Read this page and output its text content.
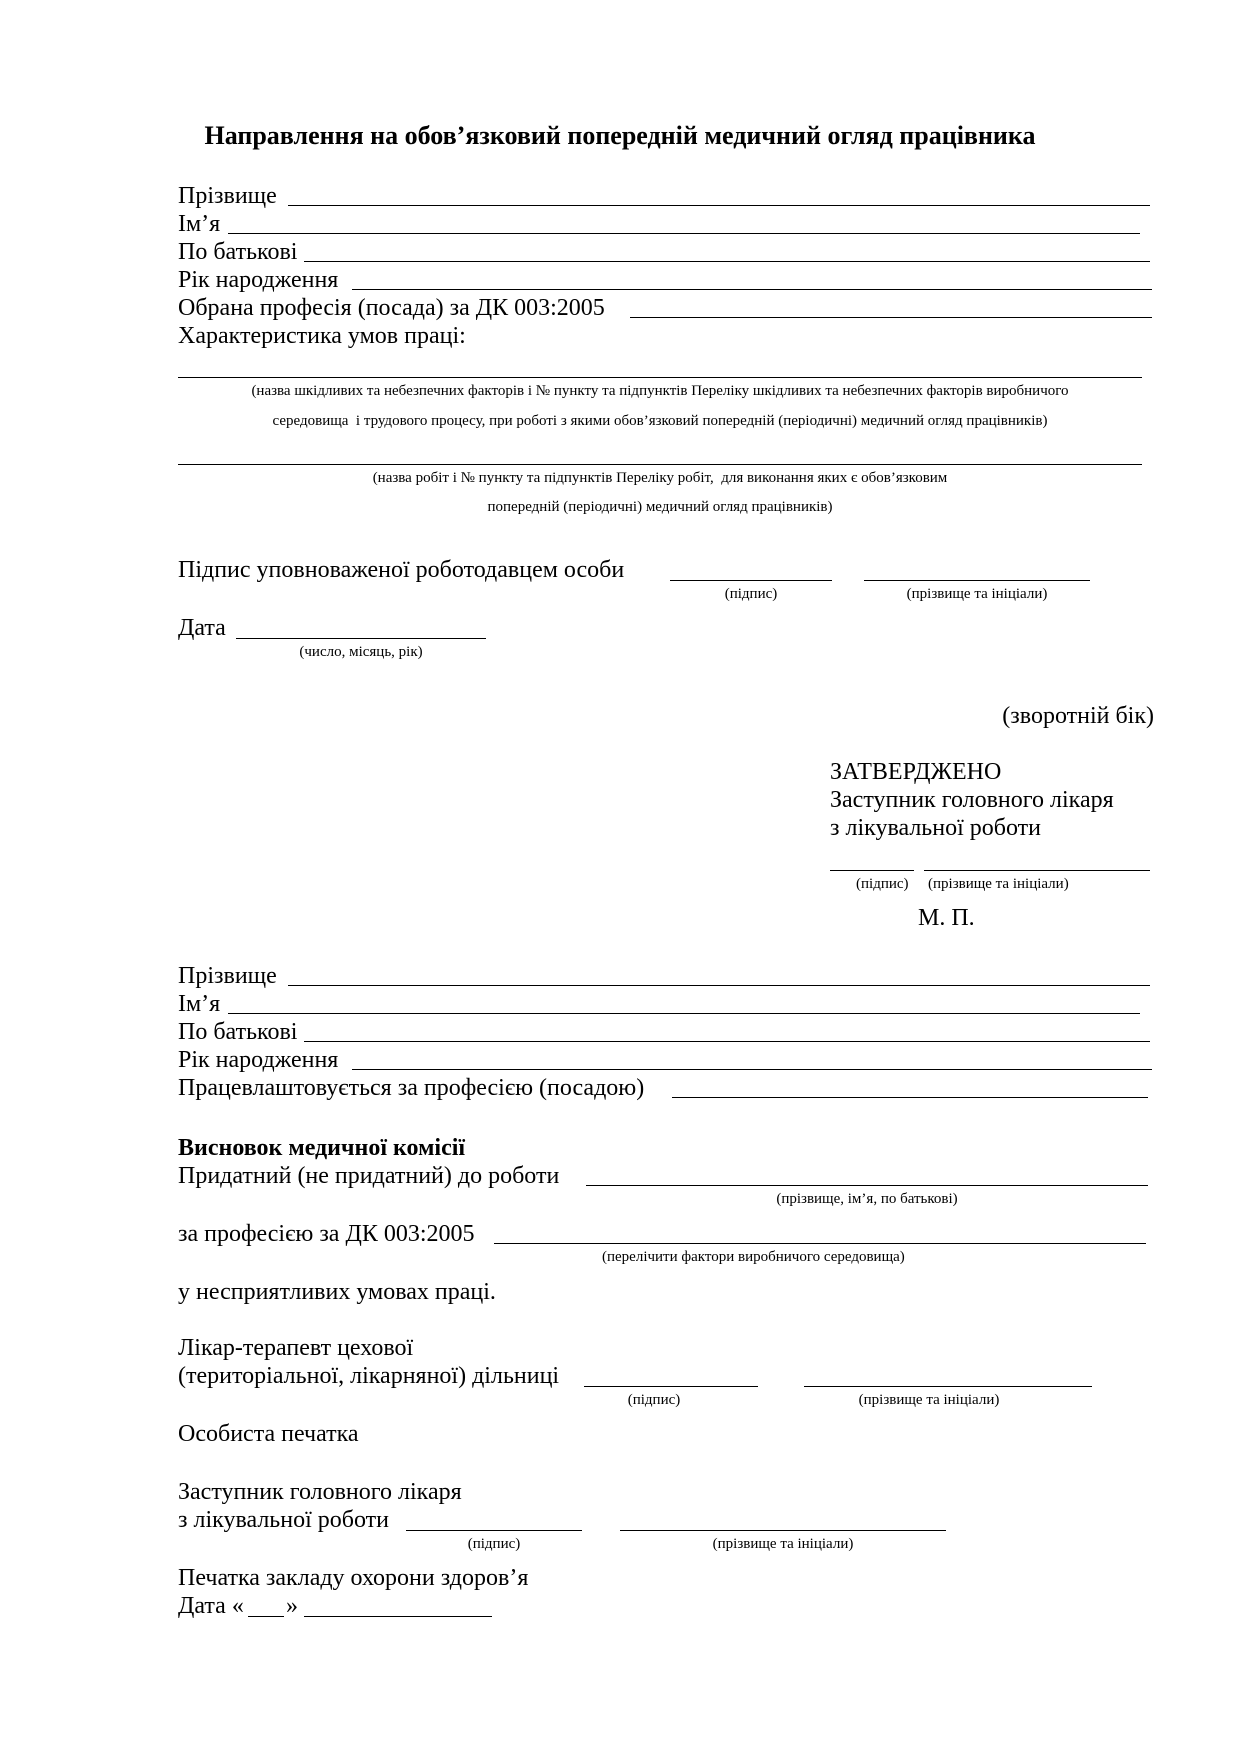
Направлення на обов’язковий попередній медичний огляд працівника
Прізвище
Ім’я
По батькові
Рік народження
Обрана професія (посада) за ДК 003:2005
Характеристика умов праці:
(назва шкідливих та небезпечних факторів і № пункту та підпунктів Переліку шкідливих та небезпечних факторів виробничого
середовища  і трудового процесу, при роботі з якими обов’язковий попередній (періодичні) медичний огляд працівників)
(назва робіт і № пункту та підпунктів Переліку робіт,  для виконання яких є обов’язковим
попередній (періодичні) медичний огляд працівників)
Підпис уповноваженої роботодавцем особи
(підпис)	(прізвище та ініціали)
Дата
(число, місяць, рік)
(зворотній бік)
ЗАТВЕРДЖЕНО
Заступник головного лікаря
з лікувальної роботи
(підпис) (прізвище та ініціали)
М. П.
Прізвище
Ім’я
По батькові
Рік народження
Працевлаштовується за професією (посадою)
Висновок медичної комісії
Придатний (не придатний) до роботи
(прізвище, ім’я, по батькові)
за професією за ДК 003:2005
(перелічити фактори виробничого середовища)
у несприятливих умовах праці.
Лікар-терапевт цехової
(територіальної, лікарняної) дільниці
(підпис)	(прізвище та ініціали)
Особиста печатка
Заступник головного лікаря
з лікувальної роботи
(підпис)	(прізвище та ініціали)
Печатка закладу охорони здоров’я
Дата « »
